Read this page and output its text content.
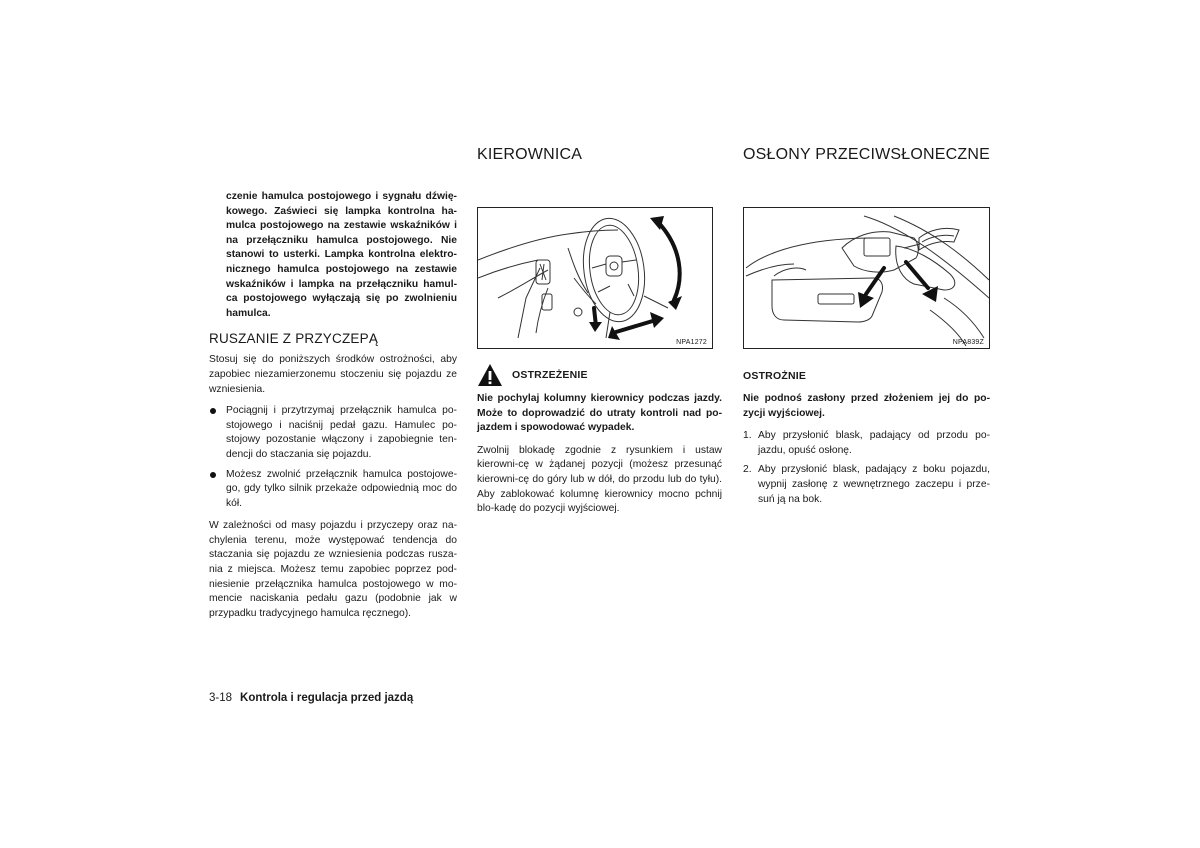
czenie hamulca postojowego i sygnału dźwię-kowego. Zaświeci się lampka kontrolna ha-mulca postojowego na zestawie wskaźników i na przełączniku hamulca postojowego. Nie stanowi to usterki. Lampka kontrolna elektro-nicznego hamulca postojowego na zestawie wskaźników i lampka na przełączniku hamul-ca postojowego wyłączają się po zwolnieniu hamulca.

RUSZANIE Z PRZYCZEPĄ

Stosuj się do poniższych środków ostrożności, aby zapobiec niezamierzonemu stoczeniu się pojazdu ze wzniesienia.

Pociągnij i przytrzymaj przełącznik hamulca po-stojowego i naciśnij pedał gazu. Hamulec po-stojowy pozostanie włączony i zapobiegnie ten-dencji do staczania się pojazdu.
Możesz zwolnić przełącznik hamulca postojowe-go, gdy tylko silnik przekaże odpowiednią moc do kół.

W zależności od masy pojazdu i przyczepy oraz na-chylenia terenu, może występować tendencja do staczania się pojazdu ze wzniesienia podczas rusza-nia z miejsca. Możesz temu zapobiec poprzez pod-niesienie przełącznika hamulca postojowego w mo-mencie naciskania pedału gazu (podobnie jak w przypadku tradycyjnego hamulca ręcznego).

KIEROWNICA
NPA1272
OSTRZEŻENIE

Nie pochylaj kolumny kierownicy podczas jazdy. Może to doprowadzić do utraty kontroli nad po-jazdem i spowodować wypadek.

Zwolnij blokadę zgodnie z rysunkiem i ustaw kierowni-cę w żądanej pozycji (możesz przesunąć kierowni-cę do góry lub w dół, do przodu lub do tyłu). Aby zablokować kolumnę kierownicy mocno pchnij blo-kadę do pozycji wyjściowej.

OSŁONY PRZECIWSŁONECZNE
NPA839Z
OSTROŻNIE

Nie podnoś zasłony przed złożeniem jej do po-zycji wyjściowej.

1. Aby przysłonić blask, padający od przodu po-jazdu, opuść osłonę.
2. Aby przysłonić blask, padający z boku pojazdu, wypnij zasłonę z wewnętrznego zaczepu i prze-suń ją na bok.
3-18 Kontrola i regulacja przed jazdą
